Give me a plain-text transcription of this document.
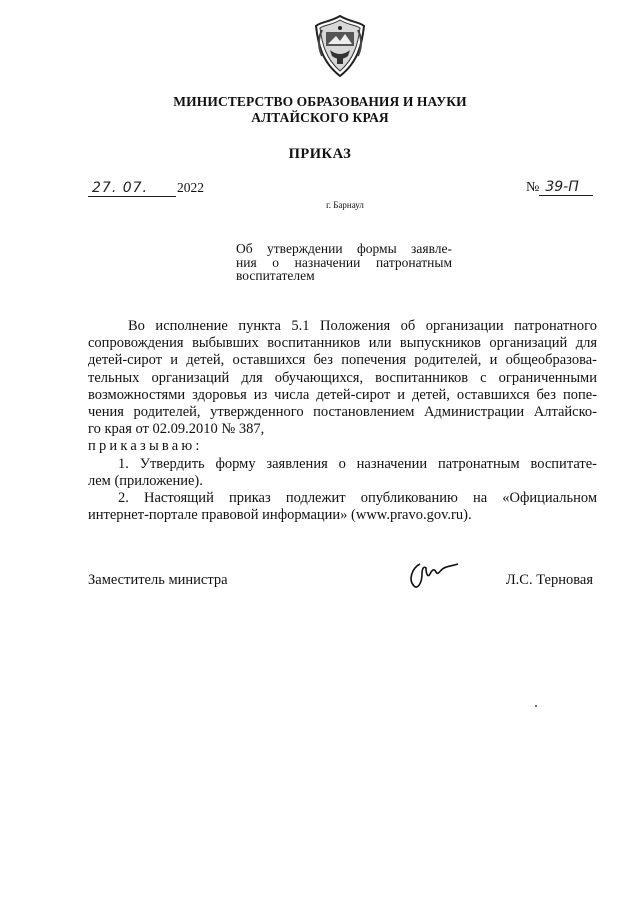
МИНИСТЕРСТВО ОБРАЗОВАНИЯ И НАУКИ
АЛТАЙСКОГО КРАЯ
ПРИКАЗ
27. 07. 2022	№ 39-П
г. Барнаул
Об утверждении формы заявле-
ния о назначении патронатным
воспитателем
Во исполнение пункта 5.1 Положения об организации патронатного
сопровождения выбывших воспитанников или выпускников организаций для
детей-сирот и детей, оставшихся без попечения родителей, и общеобразова-
тельных организаций для обучающихся, воспитанников с ограниченными
возможностями здоровья из числа детей-сирот и детей, оставшихся без попе-
чения родителей, утвержденного постановлением Администрации Алтайско-
го края от 02.09.2010 № 387,
приказываю:
1. Утвердить форму заявления о назначении патронатным воспитате-
лем (приложение).
2. Настоящий приказ подлежит опубликованию на «Официальном
интернет-портале правовой информации» (www.pravo.gov.ru).
Заместитель министра	Л.С. Терновая
